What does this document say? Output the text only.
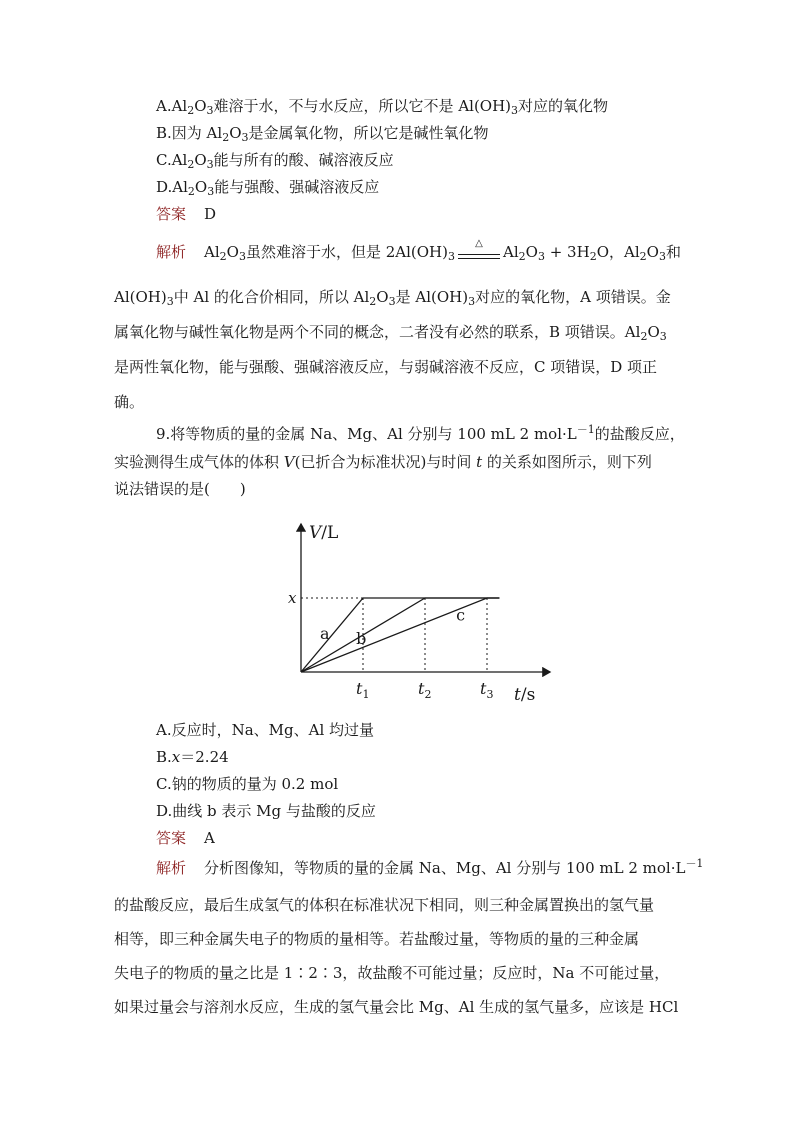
$A.Al_2O_3$难溶于水，不与水反应，所以它不是 $Al(OH)_3$对应的氧化物
B.因为 $Al_2O_3$是金属氧化物，所以它是碱性氧化物
$C.Al_2O_3$能与所有的酸、碱溶液反应
$D.Al_2O_3$能与强酸、强碱溶液反应
答案 D
解析 $Al_2O_3$虽然难溶于水，但是 $2Al(OH)_3$
△	$Al_2O_3 + 3H_2O$，$Al_2O_3$和
$Al(OH)_3$中 Al 的化合价相同，所以 $Al_2O_3$是 $Al(OH)_3$对应的氧化物，A 项错误。金
属氧化物与碱性氧化物是两个不同的概念，二者没有必然的联系，B 项错误。$Al_2O_3$
是两性氧化物，能与强酸、强碱溶液反应，与弱碱溶液不反应，C 项错误，D 项正
确。
9.将等物质的量的金属 Na、Mg、Al 分别与 100 mL 2 $mol\cdot L^{-1}$的盐酸反应，
实验测得生成气体的体积 V(已折合为标准状况)与时间 t 的关系如图所示，则下列
说法错误的是(　　)
V/L
t/s
x
$t_1$	$t_2$	$t_3$
a b
c
A.反应时，Na、Mg、Al 均过量
B.x＝2.24
C.钠的物质的量为 0.2 mol
D.曲线 b 表示 Mg 与盐酸的反应
答案 A
解析 分析图像知，等物质的量的金属 Na、Mg、Al 分别与 100 mL 2 $mol\cdot L^{-1}$
的盐酸反应，最后生成氢气的体积在标准状况下相同，则三种金属置换出的氢气量
相等，即三种金属失电子的物质的量相等。若盐酸过量，等物质的量的三种金属
失电子的物质的量之比是 1∶2∶3，故盐酸不可能过量；反应时，Na 不可能过量，
如果过量会与溶剂水反应，生成的氢气量会比 Mg、Al 生成的氢气量多，应该是 HCl
